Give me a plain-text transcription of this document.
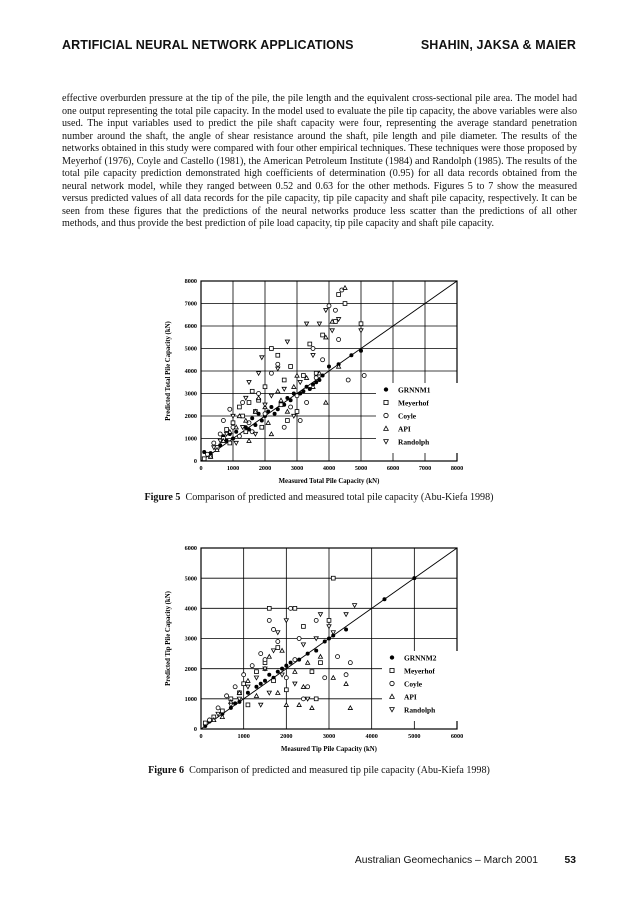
ARTIFICIAL NEURAL NETWORK APPLICATIONS	SHAHIN, JAKSA & MAIER
effective overburden pressure at the tip of the pile, the pile length and the equivalent cross-sectional pile area. The model had one output representing the total pile capacity. In the model used to evaluate the pile tip capacity, the above variables were also used. The input variables used to predict the pile shaft capacity were four, representing the average standard penetration number around the shaft, the angle of shear resistance around the shaft, pile length and pile diameter. The results of the networks obtained in this study were compared with four other empirical techniques. These techniques were those proposed by Meyerhof (1976), Coyle and Castello (1981), the American Petroleum Institute (1984) and Randolph (1985). The results of the total pile capacity prediction demonstrated high coefficients of determination (0.95) for all data records obtained from the neural network model, while they ranged between 0.52 and 0.63 for the other methods. Figures 5 to 7 show the measured versus predicted values of all data records for the pile capacity, tip pile capacity and shaft pile capacity, respectively. It can be seen from these figures that the predictions of the neural networks produce less scatter than the predictions of all other methods, and thus provide the best prediction of pile load capacity, tip pile capacity and shaft pile capacity.
0	1000	2000	3000	4000	5000	6000	7000	8000
0
1000
2000
3000
4000
5000
6000
7000
8000
Measured Total Pile Capacity (kN)
Predicted Total Pile Capacity (kN)	GRNNM1
Meyerhof
Coyle
API
Randolph
0	1000	2000	3000	4000	5000	6000
0
1000
2000
3000
4000
5000
6000
Measured Tip Pile Capacity (kN)
Predicted Tip Pile Capacity (kN)	GRNNM2
Meyerhof
Coyle
API
Randolph
Figure 5 Comparison of predicted and measured total pile capacity (Abu-Kiefa 1998)
Figure 6 Comparison of predicted and measured tip pile capacity (Abu-Kiefa 1998)
Australian Geomechanics – March 2001	53
